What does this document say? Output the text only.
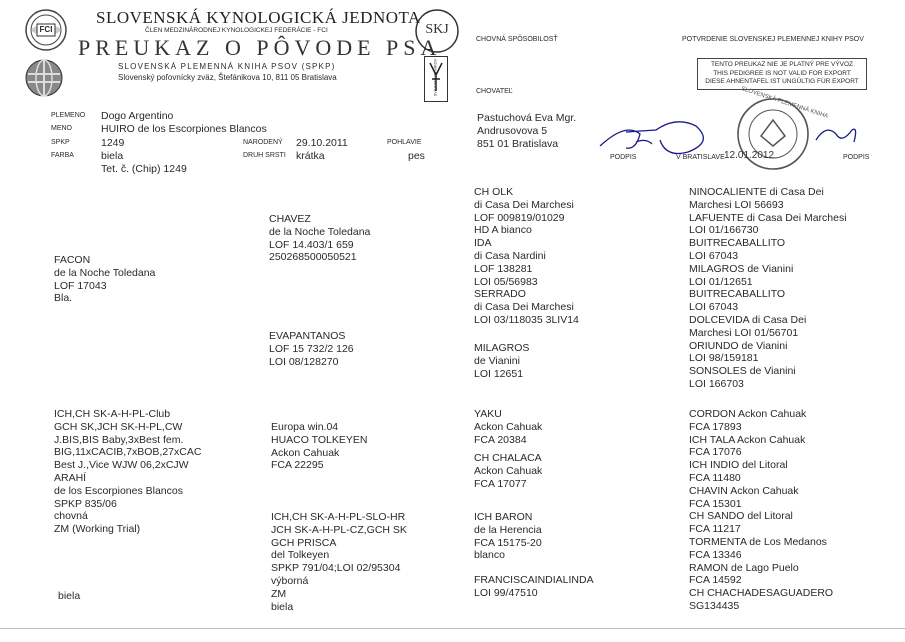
FCI
SLOVENSKÁ KYNOLOGICKÁ JEDNOTA
ČLEN MEDZINÁRODNEJ KYNOLOGICKEJ FEDERÁCIE - FCI
PREUKAZ O PÔVODE PSA
SLOVENSKÁ PLEMENNÁ KNIHA PSOV (SPKP)
Slovenský poľovnícky zväz, Štefánikova 10, 811 05 Bratislava
SKJ
SVÄZ POĽOVNÍKOV
CHOVNÁ SPÔSOBILOSŤ	POTVRDENIE SLOVENSKEJ PLEMENNEJ KNIHY PSOV
TENTO PREUKAZ NIE JE PLATNÝ PRE VÝVOZ
THIS PEDIGREE IS NOT VALID FOR EXPORT
DIESE AHNENTAFEL IST UNGÜLTIG FÜR EXPORT
CHOVATEĽ
PODPIS
SLOVENSKÁ PLEMENNÁ KNIHA
V BRATISLAVE 12.01.2012	PODPIS
PLEMENO Dogo Argentino
MENO	HUIRO de los Escorpiones Blancos
SPKP	1249	NARODENÝ 29.10.2011	POHLAVIE
FARBA	biela	DRUH SRSTI krátka	pes
Tet. č. (Chip) 1249
Pastuchová Eva Mgr.
Andrusovova 5
851 01 Bratislava
FACON
de la Noche Toledana
LOF 17043
Bla.
CHAVEZ
de la Noche Toledana
LOF 14.403/1 659
250268500050521
EVAPANTANOS
LOF 15 732/2 126
LOI 08/128270
CH OLK
di Casa Dei Marchesi
LOF 009819/01029
HD A bianco
IDA
di Casa Nardini
LOF 138281
LOI 05/56983
SERRADO
di Casa Dei Marchesi
LOI 03/118035 3LIV14
MILAGROS
de Vianini
LOI 12651
NINOCALIENTE di Casa Dei
Marchesi LOI 56693
LAFUENTE di Casa Dei Marchesi
LOI 01/166730
BUITRECABALLITO
LOI 67043
MILAGROS de Vianini
LOI 01/12651
BUITRECABALLITO
LOI 67043
DOLCEVIDA di Casa Dei
Marchesi LOI 01/56701
ORIUNDO de Vianini
LOI 98/159181
SONSOLES de Vianini
LOI 166703
ICH,CH SK-A-H-PL-Club
GCH SK,JCH SK-H-PL,CW
J.BIS,BIS Baby,3xBest fem.
BIG,11xCACIB,7xBOB,27xCAC
Best J.,Vice WJW 06,2xCJW
ARAHÍ
de los Escorpiones Blancos
SPKP 835/06
chovná
ZM (Working Trial)
biela
Europa win.04
HUACO TOLKEYEN
Ackon Cahuak
FCA 22295
ICH,CH SK-A-H-PL-SLO-HR
JCH SK-A-H-PL-CZ,GCH SK
GCH PRISCA
del Tolkeyen
SPKP 791/04;LOI 02/95304
výborná
ZM
biela
YAKU
Ackon Cahuak
FCA 20384
CH CHALACA
Ackon Cahuak
FCA 17077
ICH BARON
de la Herencia
FCA 15175-20
blanco
FRANCISCAINDIALINDA
LOI 99/47510
CORDON Ackon Cahuak
FCA 17893
ICH TALA Ackon Cahuak
FCA 17076
ICH INDIO del Litoral
FCA 11480
CHAVIN Ackon Cahuak
FCA 15301
CH SANDO del Litoral
FCA 11217
TORMENTA de Los Medanos
FCA 13346
RAMON de Lago Puelo
FCA 14592
CH CHACHADESAGUADERO
SG134435
